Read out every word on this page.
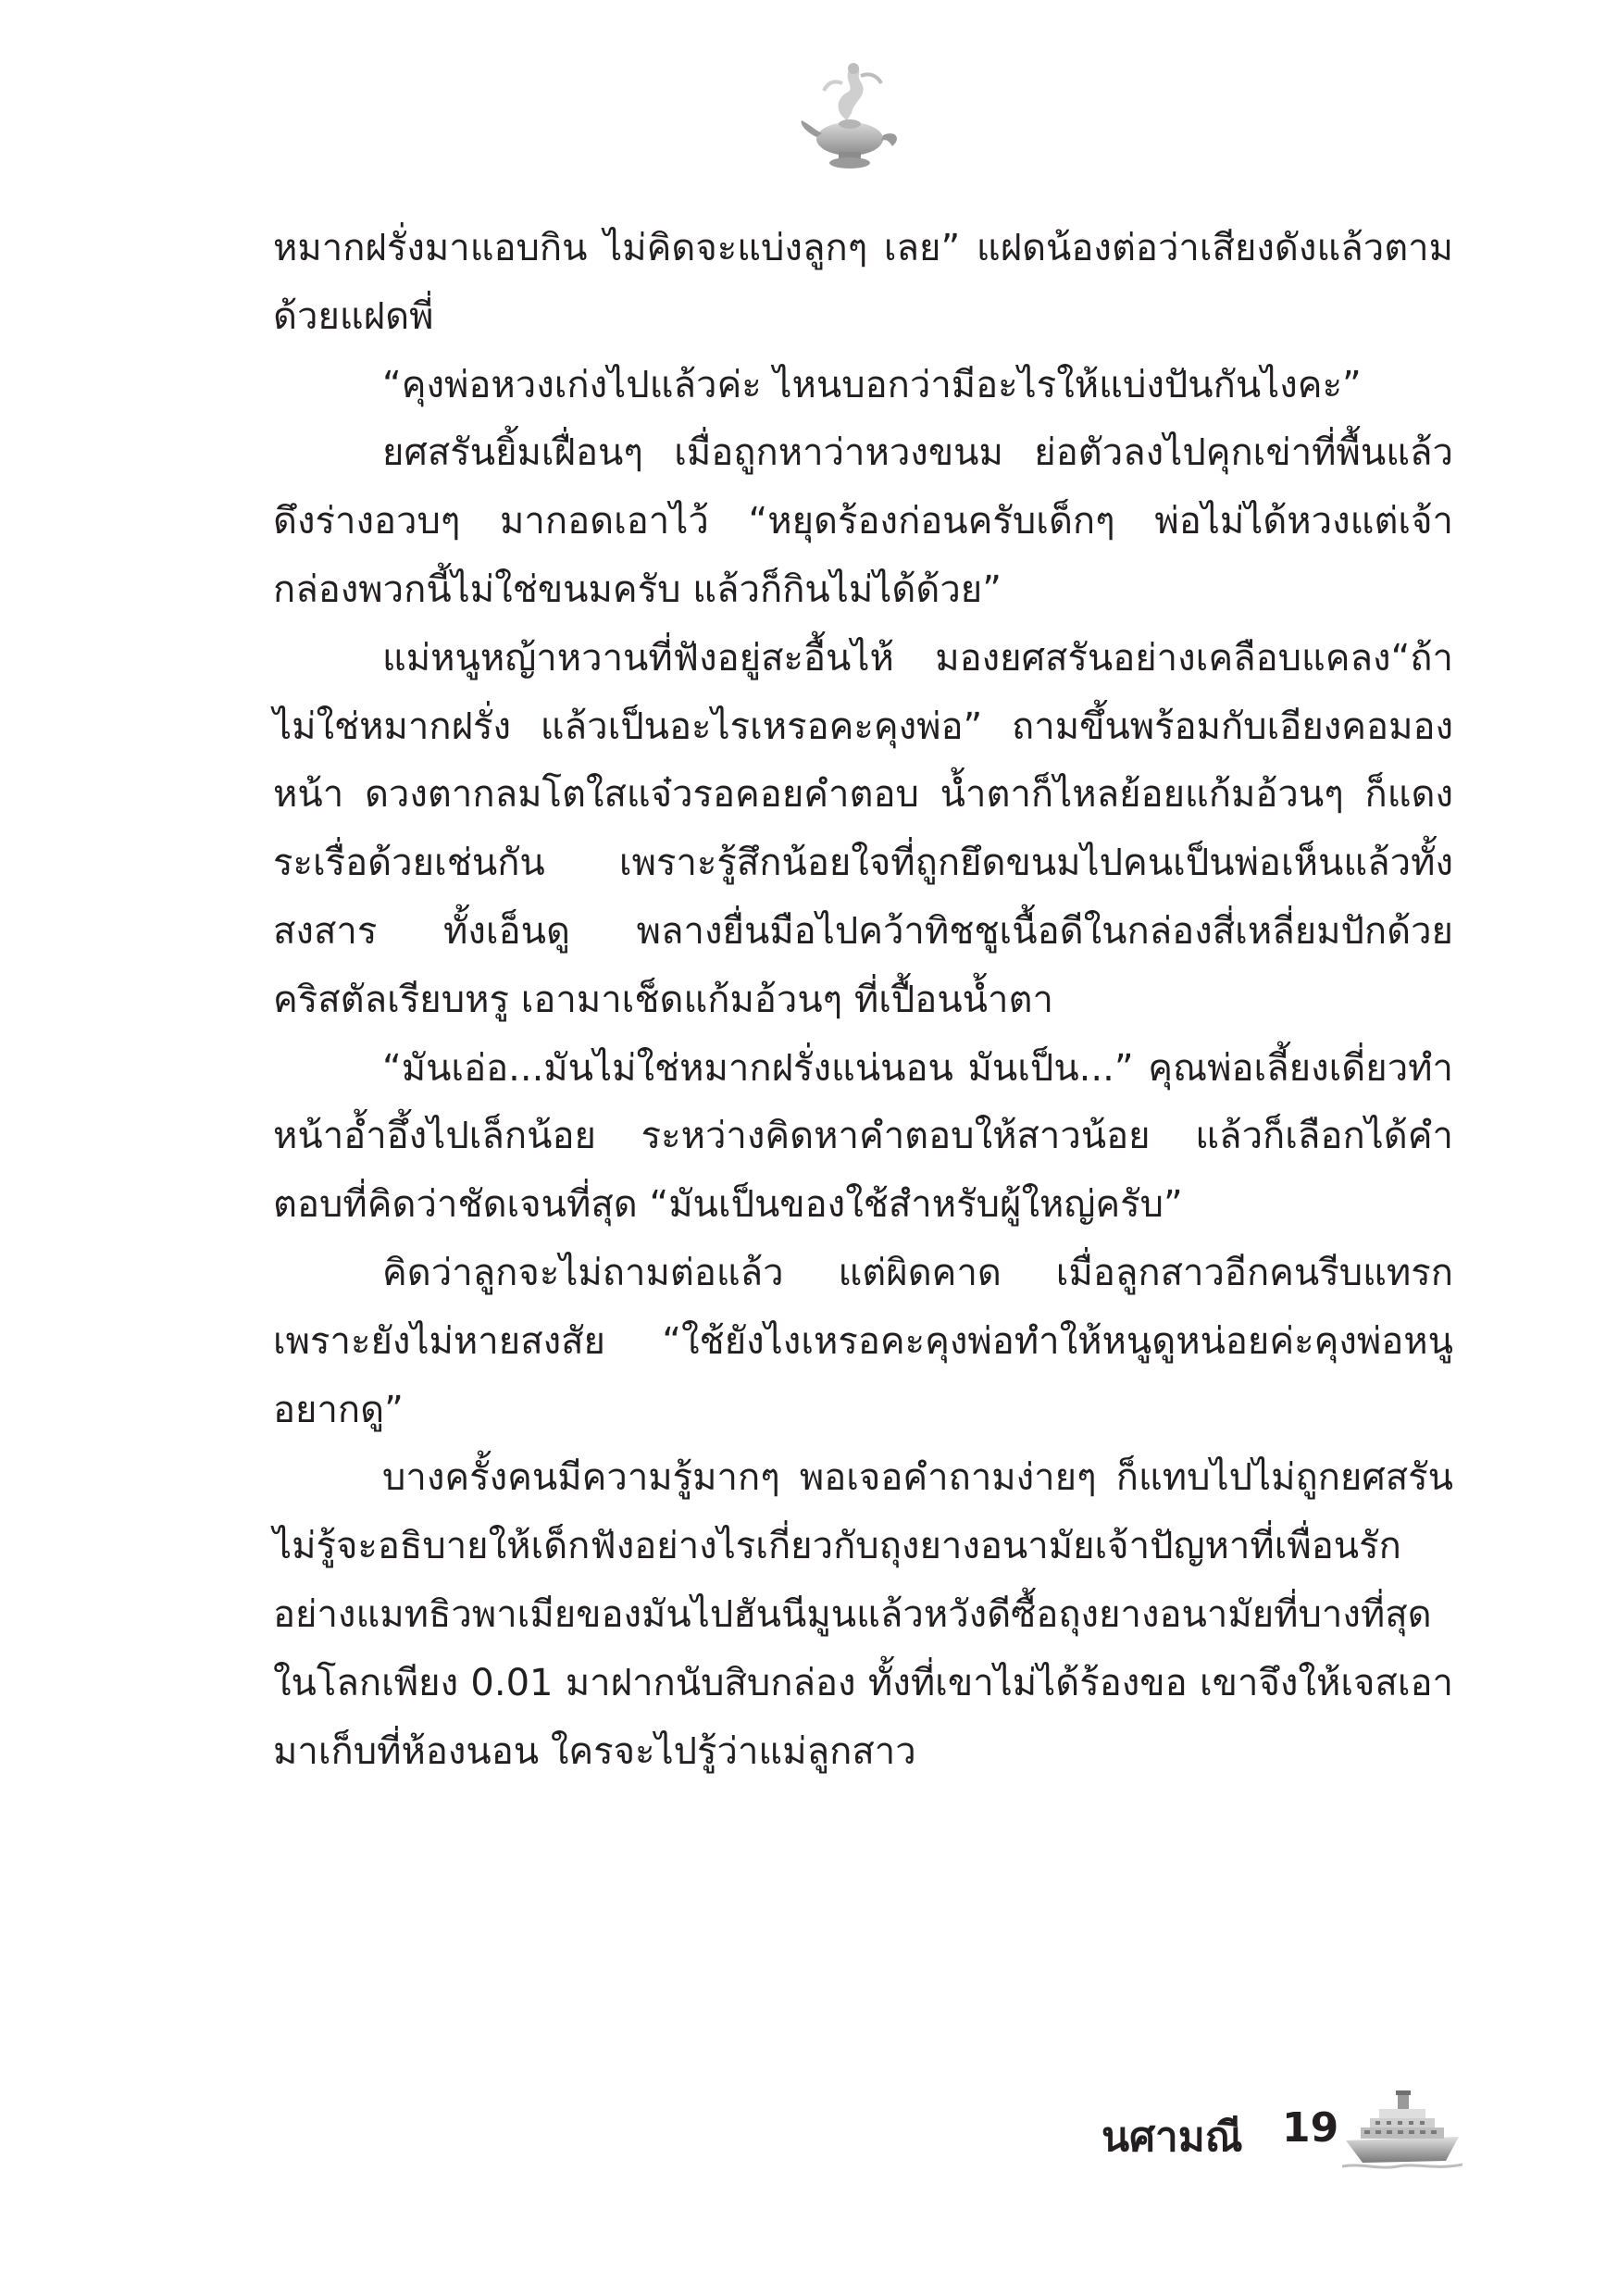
หมากฝรั่งมาแอบกิน ไม่คิดจะแบ่งลูกๆ เลย” แฝดน้องต่อว่าเสียงดังแล้วตามด้วยแฝดพี่

“คุงพ่อหวงเก่งไปแล้วค่ะ ไหนบอกว่ามีอะไรให้แบ่งปันกันไงคะ”

ยศสรันยิ้มเฝื่อนๆ เมื่อถูกหาว่าหวงขนม ย่อตัวลงไปคุกเข่าที่พื้นแล้วดึงร่างอวบๆ มากอดเอาไว้ “หยุดร้องก่อนครับเด็กๆ พ่อไม่ได้หวงแต่เจ้ากล่องพวกนี้ไม่ใช่ขนมครับ แล้วก็กินไม่ได้ด้วย”

แม่หนูหญ้าหวานที่ฟังอยู่สะอื้นไห้ มองยศสรันอย่างเคลือบแคลง“ถ้าไม่ใช่หมากฝรั่ง แล้วเป็นอะไรเหรอคะคุงพ่อ” ถามขึ้นพร้อมกับเอียงคอมองหน้า ดวงตากลมโตใสแจ๋วรอคอยคำตอบ น้ำตาก็ไหลย้อยแก้มอ้วนๆ ก็แดงระเรื่อด้วยเช่นกัน เพราะรู้สึกน้อยใจที่ถูกยึดขนมไปคนเป็นพ่อเห็นแล้วทั้งสงสาร ทั้งเอ็นดู พลางยื่นมือไปคว้าทิชชูเนื้อดีในกล่องสี่เหลี่ยมปักด้วยคริสตัลเรียบหรู เอามาเช็ดแก้มอ้วนๆ ที่เปื้อนน้ำตา

“มันเอ่อ...มันไม่ใช่หมากฝรั่งแน่นอน มันเป็น...” คุณพ่อเลี้ยงเดี่ยวทำหน้าอ้ำอึ้งไปเล็กน้อย ระหว่างคิดหาคำตอบให้สาวน้อย แล้วก็เลือกได้คำตอบที่คิดว่าชัดเจนที่สุด “มันเป็นของใช้สำหรับผู้ใหญ่ครับ”

คิดว่าลูกจะไม่ถามต่อแล้ว แต่ผิดคาด เมื่อลูกสาวอีกคนรีบแทรกเพราะยังไม่หายสงสัย “ใช้ยังไงเหรอคะคุงพ่อทำให้หนูดูหน่อยค่ะคุงพ่อหนูอยากดู”

บางครั้งคนมีความรู้มากๆ พอเจอคำถามง่ายๆ ก็แทบไปไม่ถูกยศสรันไม่รู้จะอธิบายให้เด็กฟังอย่างไรเกี่ยวกับถุงยางอนามัยเจ้าปัญหาที่เพื่อนรักอย่างแมทธิวพาเมียของมันไปฮันนีมูนแล้วหวังดีซื้อถุงยางอนามัยที่บางที่สุดในโลกเพียง 0.01 มาฝากนับสิบกล่อง ทั้งที่เขาไม่ได้ร้องขอ เขาจึงให้เจสเอามาเก็บที่ห้องนอน ใครจะไปรู้ว่าแม่ลูกสาว

นศามณี 19
